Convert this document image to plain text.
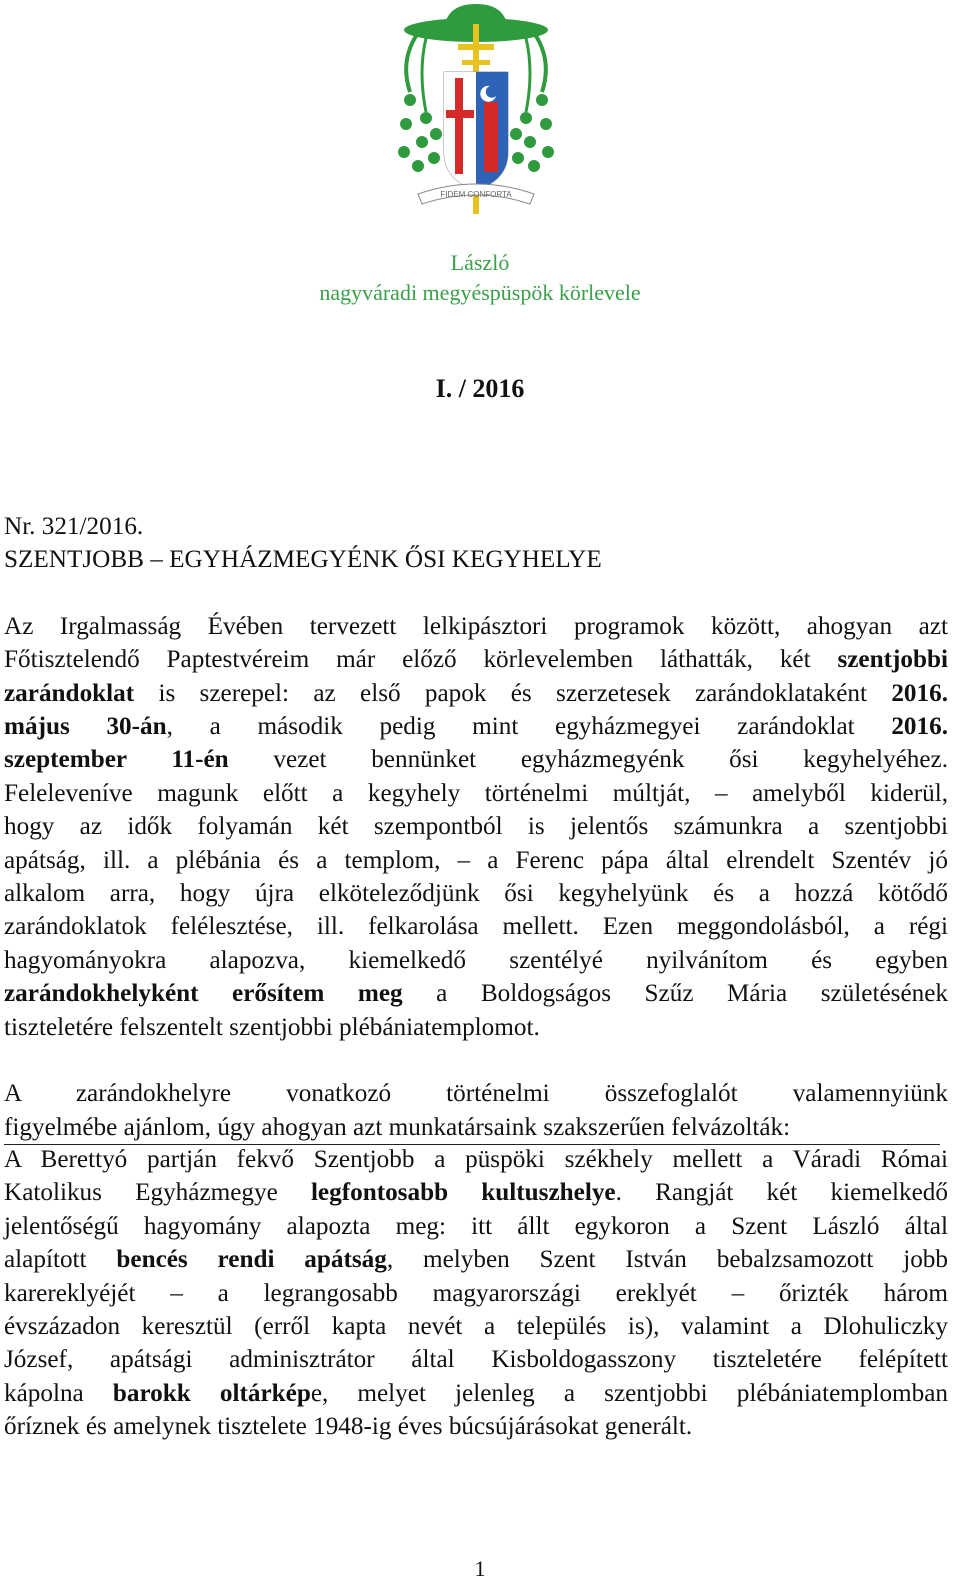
FIDEM CONFORTA
László
nagyváradi megyéspüspök körlevele
I. / 2016
Nr. 321/2016.
SZENTJOBB – EGYHÁZMEGYÉNK ŐSI KEGYHELYE
Az Irgalmasság Évében tervezett lelkipásztori programok között, ahogyan azt
Főtisztelendő Paptestvéreim már előző körlevelemben láthatták, két szentjobbi
zarándoklat is szerepel: az első papok és szerzetesek zarándoklataként 2016.
május 30-án, a második pedig mint egyházmegyei zarándoklat 2016.
szeptember 11-én vezet bennünket egyházmegyénk ősi kegyhelyéhez.
Feleleveníve magunk előtt a kegyhely történelmi múltját, – amelyből kiderül,
hogy az idők folyamán két szempontból is jelentős számunkra a szentjobbi
apátság, ill. a plébánia és a templom, – a Ferenc pápa által elrendelt Szentév jó
alkalom arra, hogy újra elköteleződjünk ősi kegyhelyünk és a hozzá kötődő
zarándoklatok felélesztése, ill. felkarolása mellett. Ezen meggondolásból, a régi
hagyományokra alapozva, kiemelkedő szentélyé nyilvánítom és egyben
zarándokhelyként erősítem meg a Boldogságos Szűz Mária születésének
tiszteletére felszentelt szentjobbi plébániatemplomot.
A zarándokhelyre vonatkozó történelmi összefoglalót valamennyiünk
figyelmébe ajánlom, úgy ahogyan azt munkatársaink szakszerűen felvázolták:
A Berettyó partján fekvő Szentjobb a püspöki székhely mellett a Váradi Római
Katolikus Egyházmegye legfontosabb kultuszhelye. Rangját két kiemelkedő
jelentőségű hagyomány alapozta meg: itt állt egykoron a Szent László által
alapított bencés rendi apátság, melyben Szent István bebalzsamozott jobb
karereklyéjét – a legrangosabb magyarországi ereklyét – őrizték három
évszázadon keresztül (erről kapta nevét a település is), valamint a Dlohuliczky
József, apátsági adminisztrátor által Kisboldogasszony tiszteletére felépített
kápolna barokk oltárképe, melyet jelenleg a szentjobbi plébániatemplomban
őríznek és amelynek tisztelete 1948-ig éves búcsújárásokat generált.
1
